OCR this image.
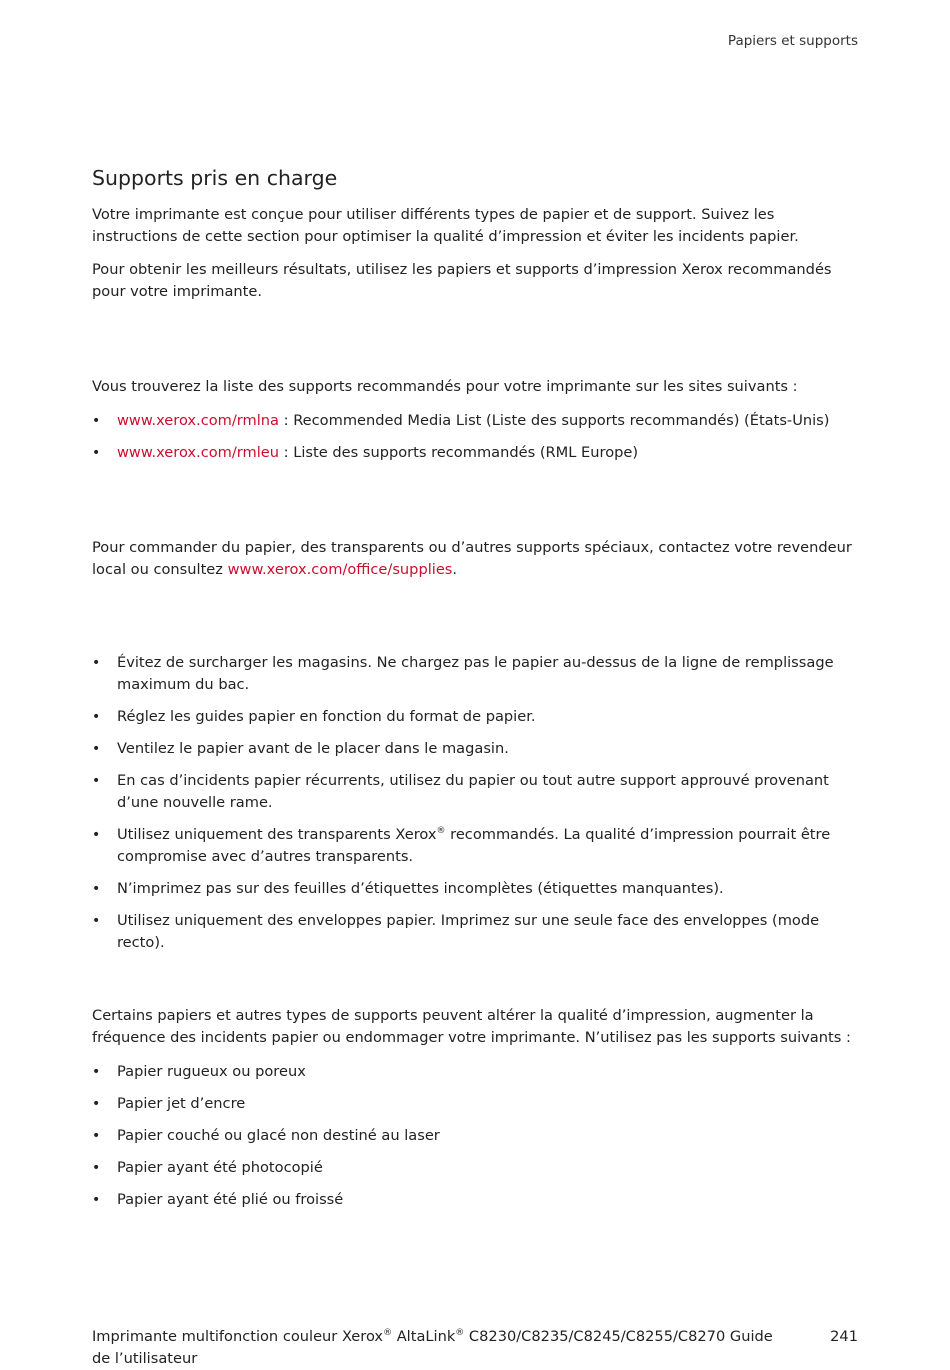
Papiers et supports
Supports pris en charge

Votre imprimante est conçue pour utiliser différents types de papier et de support. Suivez les instructions de cette section pour optimiser la qualité d’impression et éviter les incidents papier.

Pour obtenir les meilleurs résultats, utilisez les papiers et supports d’impression Xerox recommandés pour votre imprimante.

Vous trouverez la liste des supports recommandés pour votre imprimante sur les sites suivants :

• www.xerox.com/rmlna : Recommended Media List (Liste des supports recommandés) (États-Unis)
• www.xerox.com/rmleu : Liste des supports recommandés (RML Europe)

Pour commander du papier, des transparents ou d’autres supports spéciaux, contactez votre revendeur local ou consultez www.xerox.com/office/supplies.

• Évitez de surcharger les magasins. Ne chargez pas le papier au-dessus de la ligne de remplissage maximum du bac.
• Réglez les guides papier en fonction du format de papier.
• Ventilez le papier avant de le placer dans le magasin.
• En cas d’incidents papier récurrents, utilisez du papier ou tout autre support approuvé provenant d’une nouvelle rame.
• Utilisez uniquement des transparents Xerox® recommandés. La qualité d’impression pourrait être compromise avec d’autres transparents.
• N’imprimez pas sur des feuilles d’étiquettes incomplètes (étiquettes manquantes).
• Utilisez uniquement des enveloppes papier. Imprimez sur une seule face des enveloppes (mode recto).

Certains papiers et autres types de supports peuvent altérer la qualité d’impression, augmenter la fréquence des incidents papier ou endommager votre imprimante. N’utilisez pas les supports suivants :

• Papier rugueux ou poreux
• Papier jet d’encre
• Papier couché ou glacé non destiné au laser
• Papier ayant été photocopié
• Papier ayant été plié ou froissé
Imprimante multifonction couleur Xerox® AltaLink® C8230/C8235/C8245/C8255/C8270 Guide de l’utilisateur
241
